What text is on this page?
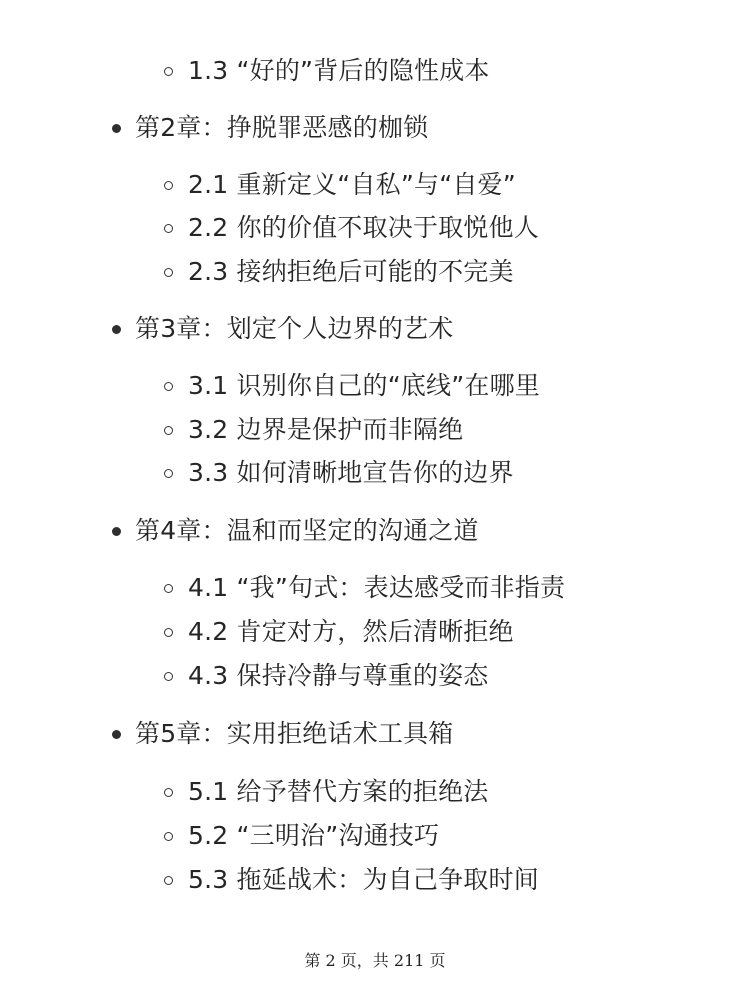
1.3 “好的”背后的隐性成本
第2章：挣脱罪恶感的枷锁
2.1 重新定义“自私”与“自爱”
2.2 你的价值不取决于取悦他人
2.3 接纳拒绝后可能的不完美
第3章：划定个人边界的艺术
3.1 识别你自己的“底线”在哪里
3.2 边界是保护而非隔绝
3.3 如何清晰地宣告你的边界
第4章：温和而坚定的沟通之道
4.1 “我”句式：表达感受而非指责
4.2 肯定对方，然后清晰拒绝
4.3 保持冷静与尊重的姿态
第5章：实用拒绝话术工具箱
5.1 给予替代方案的拒绝法
5.2 “三明治”沟通技巧
5.3 拖延战术：为自己争取时间
第 2 页，共 211 页
